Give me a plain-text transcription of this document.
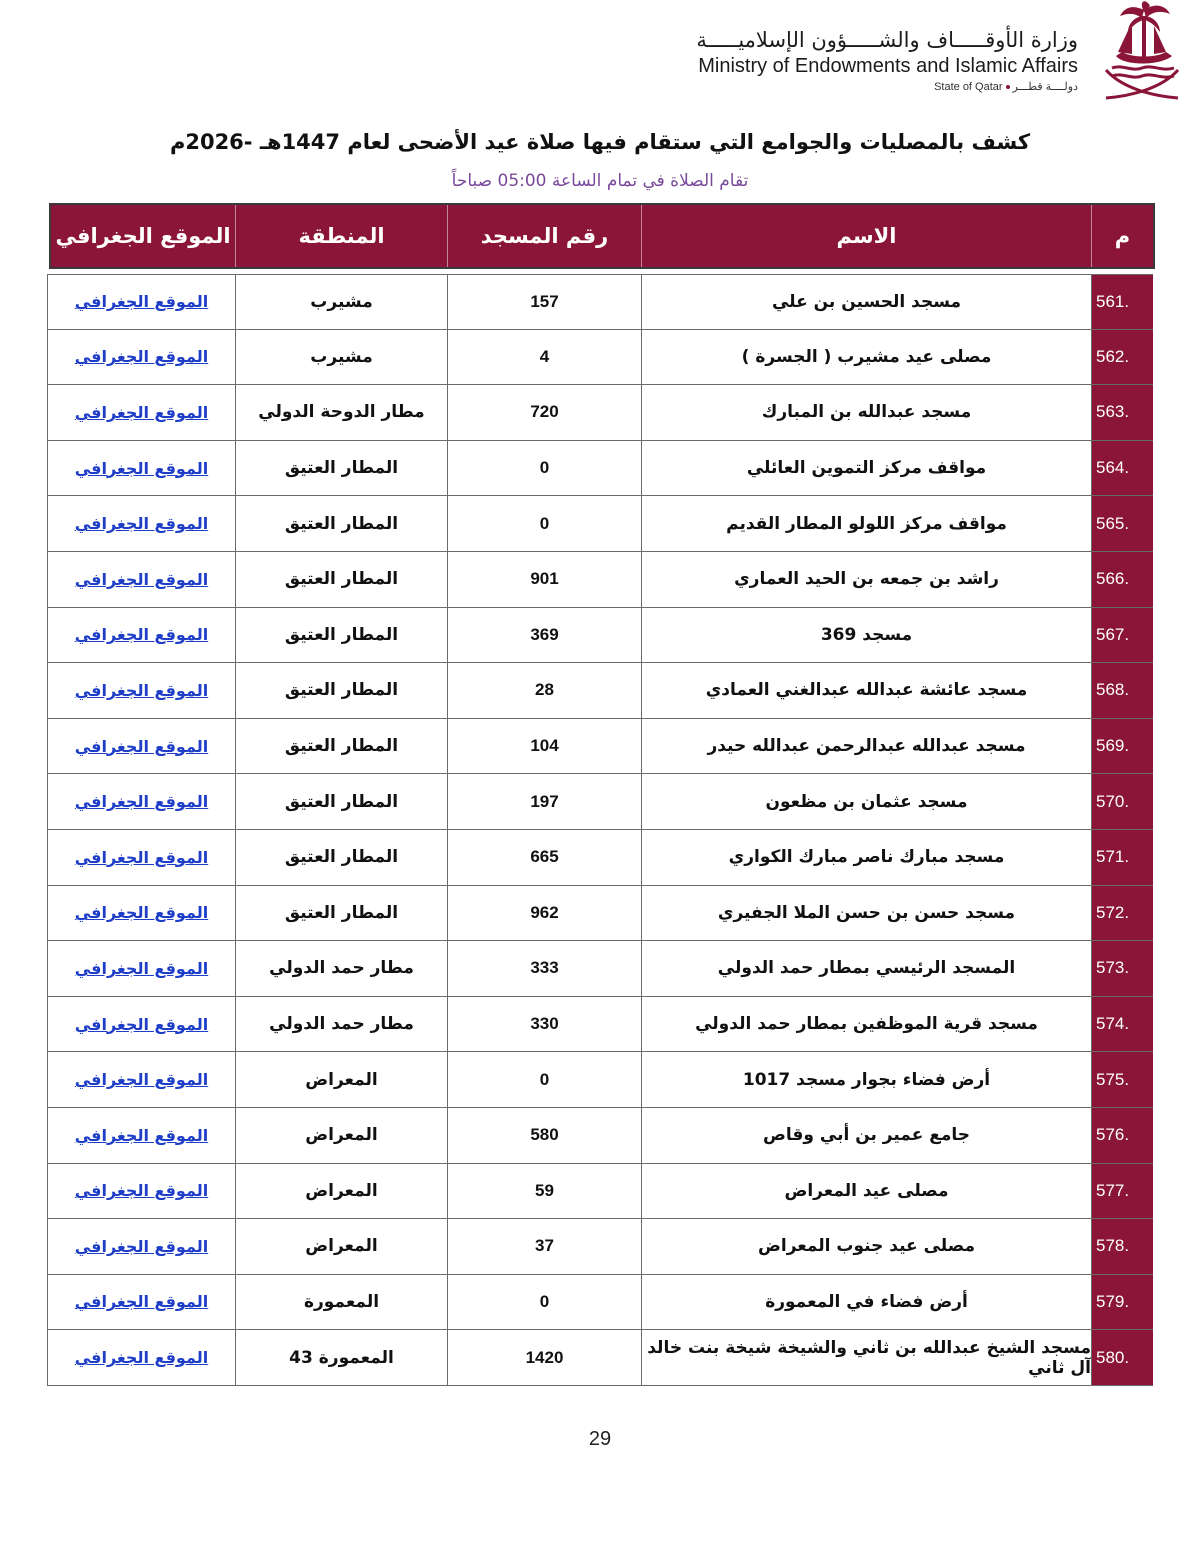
وزارة الأوقـــــاف والشـــــؤون الإسلاميـــــة
Ministry of Endowments and Islamic Affairs
State of Qatar دولــــة قطـــر
كشف بالمصليات والجوامع التي ستقام فيها صلاة عيد الأضحى لعام 1447هـ -2026م
تقام الصلاة في تمام الساعة 05:00 صباحاً
م
الاسم
رقم المسجد
المنطقة
الموقع الجغرافي
561.
مسجد الحسين بن علي
157
مشيرب
الموقع الجغرافي
562.
مصلى عيد مشيرب ( الجسرة )
4
مشيرب
الموقع الجغرافي
563.
مسجد عبدالله بن المبارك
720
مطار الدوحة الدولي
الموقع الجغرافي
564.
مواقف مركز التموين العائلي
0
المطار العتيق
الموقع الجغرافي
565.
مواقف مركز اللولو المطار القديم
0
المطار العتيق
الموقع الجغرافي
566.
راشد بن جمعه بن الحيد العماري
901
المطار العتيق
الموقع الجغرافي
567.
مسجد 369
369
المطار العتيق
الموقع الجغرافي
568.
مسجد عائشة عبدالله عبدالغني العمادي
28
المطار العتيق
الموقع الجغرافي
569.
مسجد عبدالله عبدالرحمن عبدالله حيدر
104
المطار العتيق
الموقع الجغرافي
570.
مسجد عثمان بن مظعون
197
المطار العتيق
الموقع الجغرافي
571.
مسجد مبارك ناصر مبارك الكواري
665
المطار العتيق
الموقع الجغرافي
572.
مسجد حسن بن حسن الملا الجفيري
962
المطار العتيق
الموقع الجغرافي
573.
المسجد الرئيسي بمطار حمد الدولي
333
مطار حمد الدولي
الموقع الجغرافي
574.
مسجد قرية الموظفين بمطار حمد الدولي
330
مطار حمد الدولي
الموقع الجغرافي
575.
أرض فضاء بجوار مسجد 1017
0
المعراض
الموقع الجغرافي
576.
جامع عمير بن أبي وقاص
580
المعراض
الموقع الجغرافي
577.
مصلى عيد المعراض
59
المعراض
الموقع الجغرافي
578.
مصلى عيد جنوب المعراض
37
المعراض
الموقع الجغرافي
579.
أرض فضاء في المعمورة
0
المعمورة
الموقع الجغرافي
580.
مسجد الشيخ عبدالله بن ثاني والشيخة شيخة بنت خالد آل ثاني
1420
المعمورة 43
الموقع الجغرافي
29
